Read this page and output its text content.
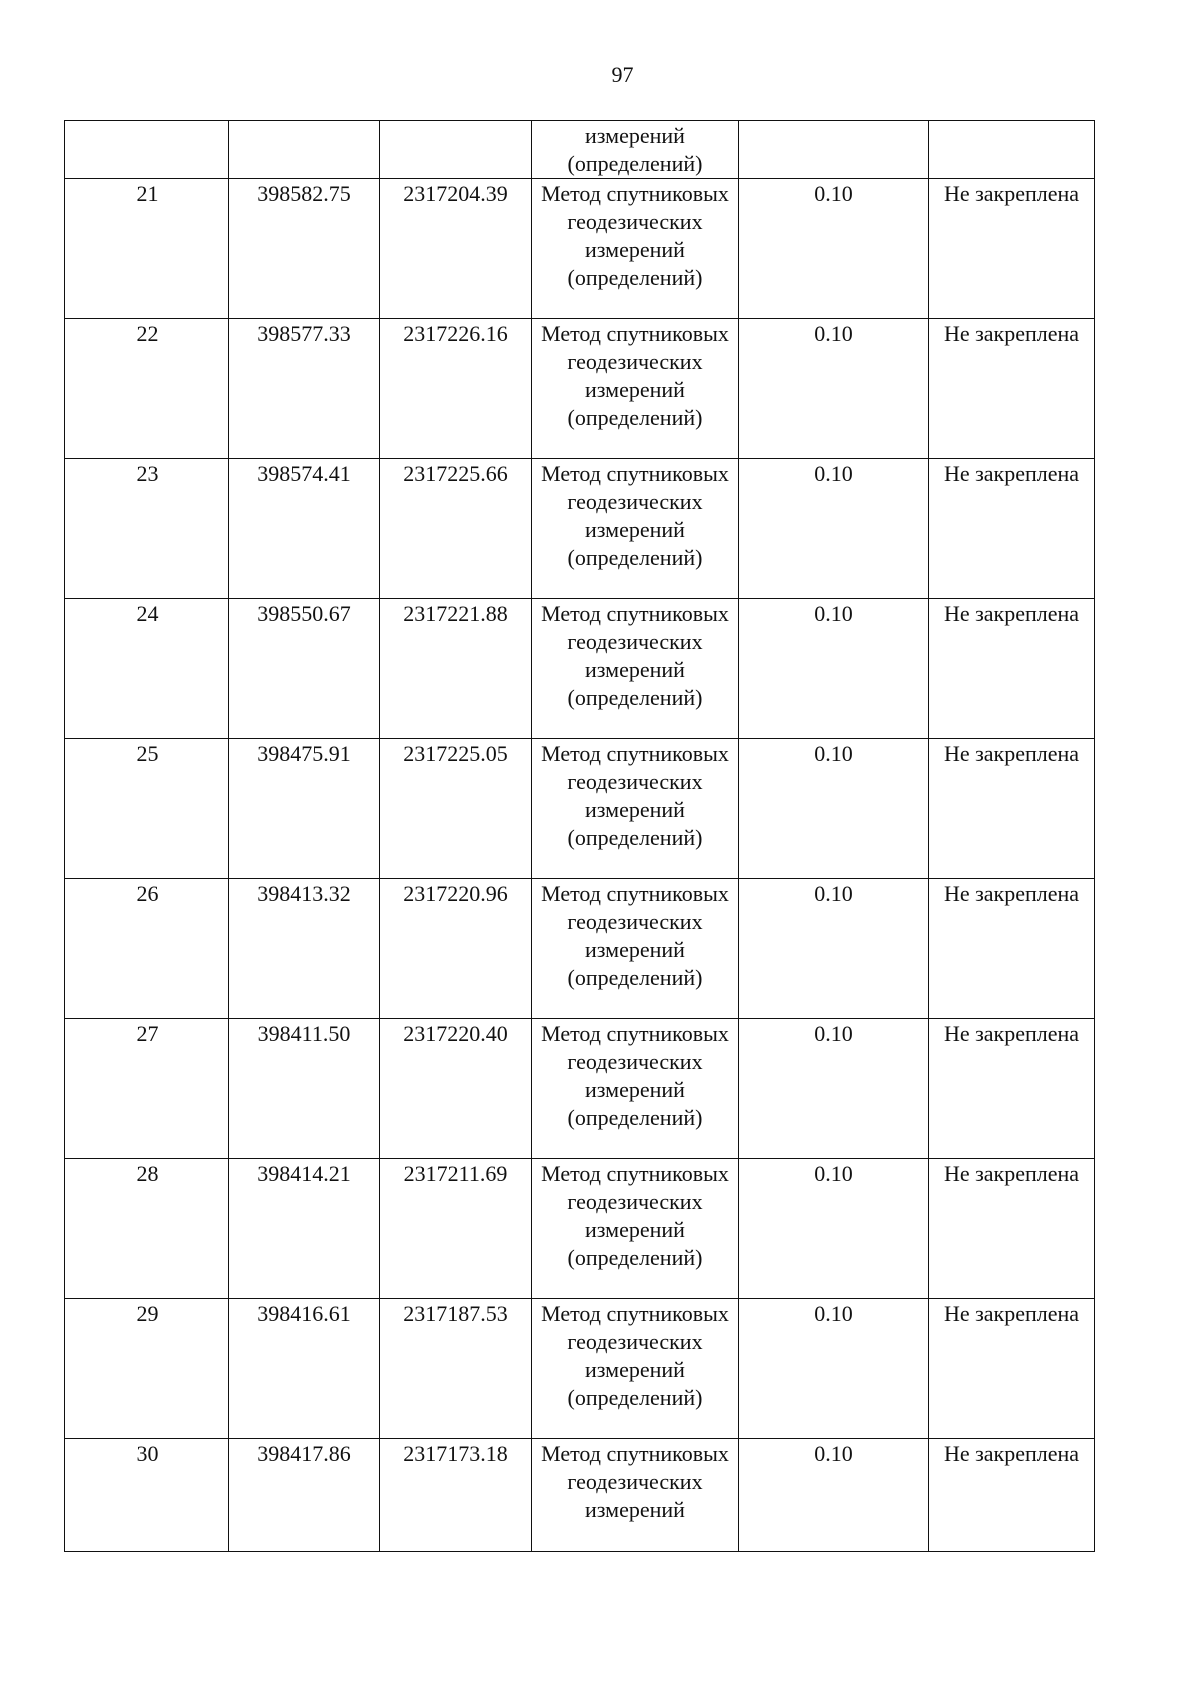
97

			измерений (определений)		

21	398582.75	2317204.39	Метод спутниковых геодезических измерений (определений)	0.10	Не закреплена

22	398577.33	2317226.16	Метод спутниковых геодезических измерений (определений)	0.10	Не закреплена

23	398574.41	2317225.66	Метод спутниковых геодезических измерений (определений)	0.10	Не закреплена

24	398550.67	2317221.88	Метод спутниковых геодезических измерений (определений)	0.10	Не закреплена

25	398475.91	2317225.05	Метод спутниковых геодезических измерений (определений)	0.10	Не закреплена

26	398413.32	2317220.96	Метод спутниковых геодезических измерений (определений)	0.10	Не закреплена

27	398411.50	2317220.40	Метод спутниковых геодезических измерений (определений)	0.10	Не закреплена

28	398414.21	2317211.69	Метод спутниковых геодезических измерений (определений)	0.10	Не закреплена

29	398416.61	2317187.53	Метод спутниковых геодезических измерений (определений)	0.10	Не закреплена

30	398417.86	2317173.18	Метод спутниковых геодезических измерений	0.10	Не закреплена
